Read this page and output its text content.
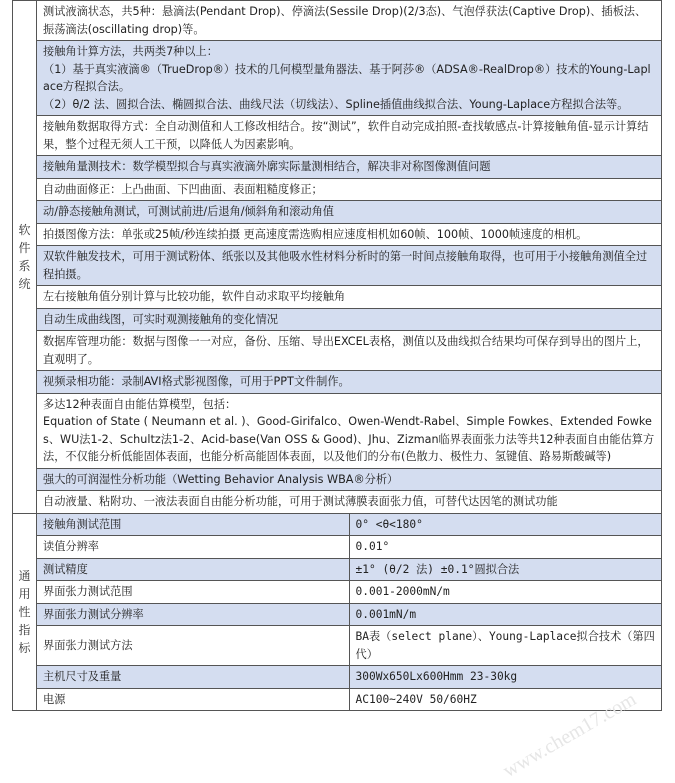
软
件
系
统	测试液滴状态，共5种：悬滴法(Pendant Drop)、停滴法(Sessile Drop)(2/3态)、气泡俘获法(Captive Drop)、插板法、振荡滴法(oscillating drop)等。	

	接触角计算方法，共两类7种以上：
（1）基于真实液滴®（TrueDrop®）技术的几何模型量角器法、基于阿莎®（ADSA®-RealDrop®）技术的Young-Laplace方程拟合法。
（2）θ/2 法、圆拟合法、椭圆拟合法、曲线尺法（切线法）、Spline插值曲线拟合法、Young-Laplace方程拟合法等。	

	接触角数据取得方式：全自动测值和人工修改相结合。按“测试”，软件自动完成拍照-查找敏感点-计算接触角值-显示计算结果，整个过程无须人工干预，以降低人为因素影响。	

	接触角量测技术：数学模型拟合与真实液滴外廓实际量测相结合，解决非对称图像测值问题	

	自动曲面修正：上凸曲面、下凹曲面、表面粗糙度修正；	

	动/静态接触角测试，可测试前进/后退角/倾斜角和滚动角值	

	拍摄图像方法：单张或25帧/秒连续拍摄 更高速度需选购相应速度相机如60帧、100帧、1000帧速度的相机。	

	双软件触发技术，可用于测试粉体、纸张以及其他吸水性材料分析时的第一时间点接触角取得，也可用于小接触角测值全过程拍摄。	

	左右接触角值分别计算与比较功能，软件自动求取平均接触角	

	自动生成曲线图，可实时观测接触角的变化情况	

	数据库管理功能：数据与图像一一对应，备份、压缩、导出EXCEL表格，测值以及曲线拟合结果均可保存到导出的图片上，直观明了。	

	视频录相功能：录制AVI格式影视图像，可用于PPT文件制作。	

	多达12种表面自由能估算模型，包括：
Equation of State ( Neumann et al. )、Good-Girifalco、Owen-Wendt-Rabel、Simple Fowkes、Extended Fowkes、WU法1-2、Schultz法1-2、Acid-base(Van OSS & Good)、Jhu、Zizman临界表面张力法等共12种表面自由能估算方法，不仅能分析低能固体表面，也能分析高能固体表面，以及他们的分布(色散力、极性力、氢键值、路易斯酸碱等)	

	强大的可润湿性分析功能（Wetting Behavior Analysis WBA®分析）	

	自动液量、粘附功、一液法表面自由能分析功能，可用于测试薄膜表面张力值，可替代达因笔的测试功能	

通
用
性
指
标	接触角测试范围	0° <θ<180°
	读值分辨率	0.01°
	测试精度	±1° (θ/2 法) ±0.1°圆拟合法
	界面张力测试范围	0.001-2000mN/m
	界面张力测试分辨率	0.001mN/m
	界面张力测试方法	BA表（select plane）、Young-Laplace拟合技术（第四代）
	主机尺寸及重量	300Wx650Lx600Hmm 23-30kg
	电源	AC100~240V 50/60HZ www.chem17.com
